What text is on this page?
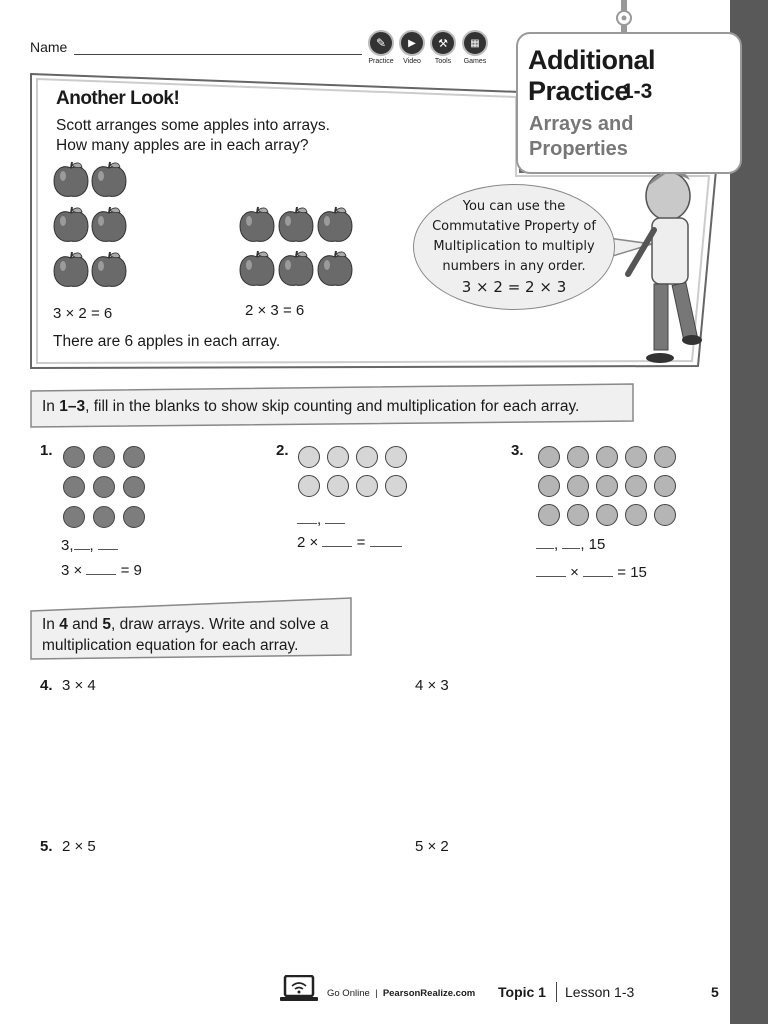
Name	✎
Practice
▶
Video
⚒
Tools
▦
Games Additional
Practice
1-3
Arrays and
Properties
Another Look!
Scott arranges some apples into arrays.
How many apples are in each array?
3 × 2 = 6	2 × 3 = 6
There are 6 apples in each array.
You can use the
Commutative Property of
Multiplication to multiply
numbers in any order.
3 × 2 = 2 × 3
In 1–3, fill in the blanks to show skip counting and multiplication for each array.
1.
3, ,
3 ×	= 9
2.
,
2 ×	=
3.
, , 15
×	= 15
In 4 and 5, draw arrays. Write and solve a
multiplication equation for each array.
4. 3 × 4	4 × 3
5. 2 × 5	5 × 2
Go Online | PearsonRealize.com Topic 1 Lesson 1-3	5
